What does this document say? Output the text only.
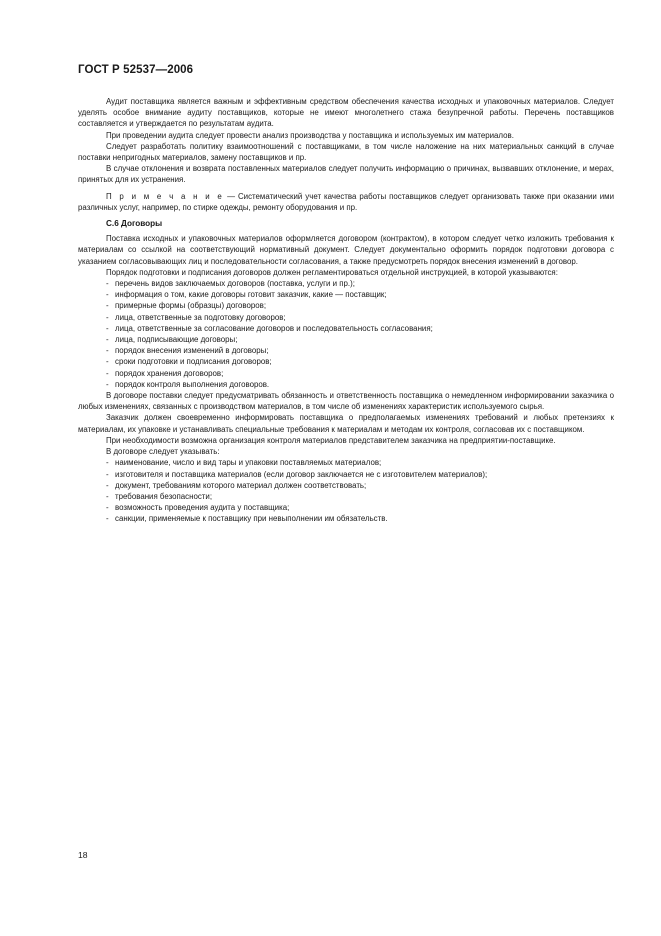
ГОСТ Р 52537—2006

Аудит поставщика является важным и эффективным средством обеспечения качества исходных и упаковочных материалов. Следует уделять особое внимание аудиту поставщиков, которые не имеют многолетнего стажа безупречной работы. Перечень поставщиков составляется и утверждается по результатам аудита.

При проведении аудита следует провести анализ производства у поставщика и используемых им материалов.

Следует разработать политику взаимоотношений с поставщиками, в том числе наложение на них материальных санкций в случае поставки непригодных материалов, замену поставщиков и пр.

В случае отклонения и возврата поставленных материалов следует получить информацию о причинах, вызвавших отклонение, и мерах, принятых для их устранения.

П р и м е ч а н и е — Систематический учет качества работы поставщиков следует организовать также при оказании ими различных услуг, например, по стирке одежды, ремонту оборудования и пр.

С.6 Договоры

Поставка исходных и упаковочных материалов оформляется договором (контрактом), в котором следует четко изложить требования к материалам со ссылкой на соответствующий нормативный документ. Следует документально оформить порядок подготовки договора с указанием согласовывающих лиц и последовательности согласования, а также предусмотреть порядок внесения изменений в договор.

Порядок подготовки и подписания договоров должен регламентироваться отдельной инструкцией, в которой указываются:

- перечень видов заключаемых договоров (поставка, услуги и пр.);
- информация о том, какие договоры готовит заказчик, какие — поставщик;
- примерные формы (образцы) договоров;
- лица, ответственные за подготовку договоров;
- лица, ответственные за согласование договоров и последовательность согласования;
- лица, подписывающие договоры;
- порядок внесения изменений в договоры;
- сроки подготовки и подписания договоров;
- порядок хранения договоров;
- порядок контроля выполнения договоров.

В договоре поставки следует предусматривать обязанность и ответственность поставщика о немедленном информировании заказчика о любых изменениях, связанных с производством материалов, в том числе об изменениях характеристик используемого сырья.

Заказчик должен своевременно информировать поставщика о предполагаемых изменениях требований и любых претензиях к материалам, их упаковке и устанавливать специальные требования к материалам и методам их контроля, согласовав их с поставщиком.

При необходимости возможна организация контроля материалов представителем заказчика на предприятии-поставщике.

В договоре следует указывать:

- наименование, число и вид тары и упаковки поставляемых материалов;
- изготовителя и поставщика материалов (если договор заключается не с изготовителем материалов);
- документ, требованиям которого материал должен соответствовать;
- требования безопасности;
- возможность проведения аудита у поставщика;
- санкции, применяемые к поставщику при невыполнении им обязательств.
18
